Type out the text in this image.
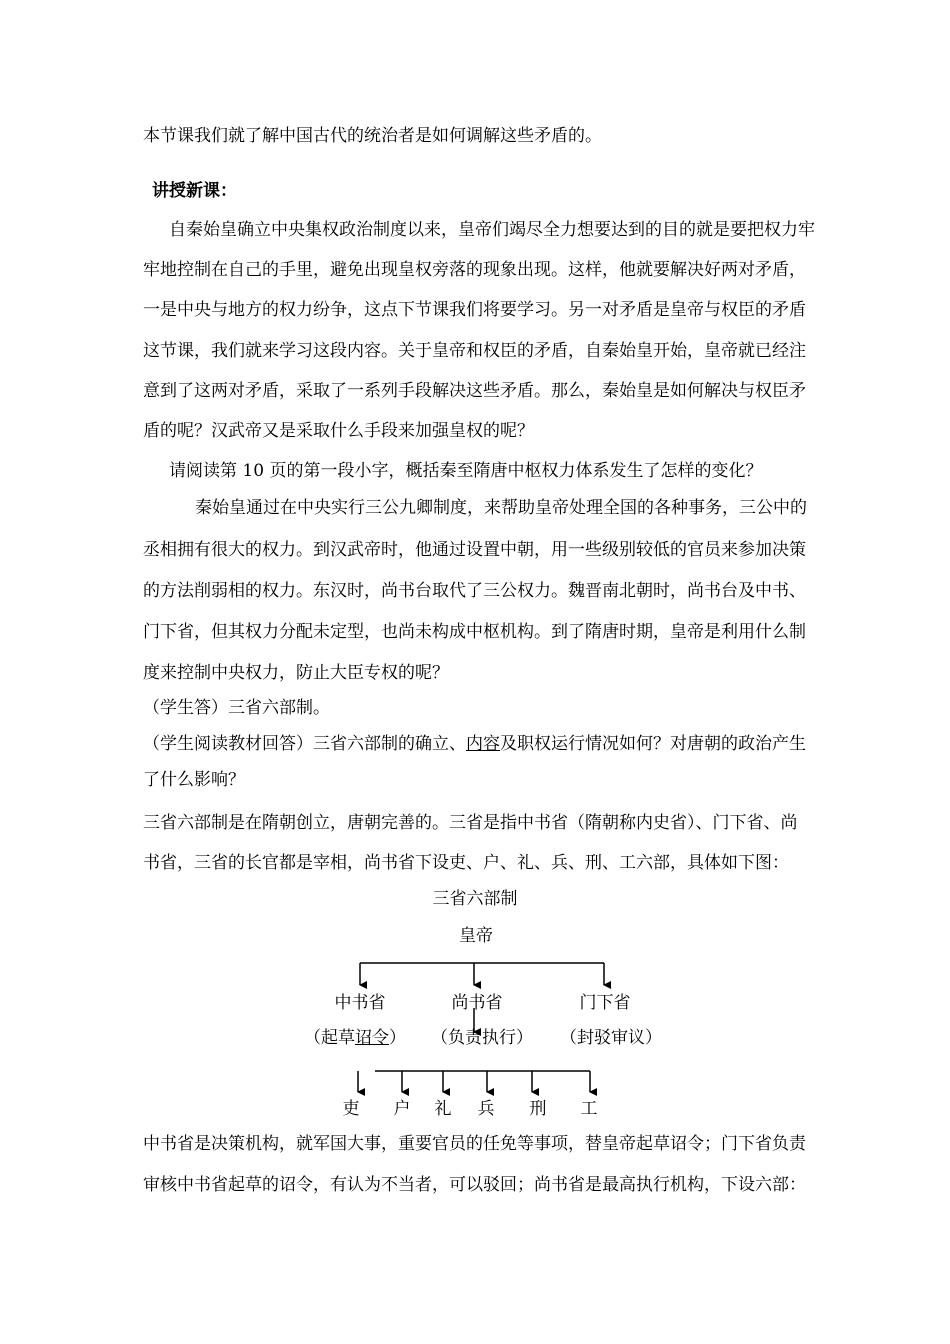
本节课我们就了解中国古代的统治者是如何调解这些矛盾的。
讲授新课：
自秦始皇确立中央集权政治制度以来，皇帝们竭尽全力想要达到的目的就是要把权力牢
牢地控制在自己的手里，避免出现皇权旁落的现象出现。这样，他就要解决好两对矛盾，
一是中央与地方的权力纷争，这点下节课我们将要学习。另一对矛盾是皇帝与权臣的矛盾
这节课，我们就来学习这段内容。关于皇帝和权臣的矛盾，自秦始皇开始，皇帝就已经注
意到了这两对矛盾，采取了一系列手段解决这些矛盾。那么，秦始皇是如何解决与权臣矛
盾的呢？汉武帝又是采取什么手段来加强皇权的呢？
请阅读第 10 页的第一段小字，概括秦至隋唐中枢权力体系发生了怎样的变化？
秦始皇通过在中央实行三公九卿制度，来帮助皇帝处理全国的各种事务，三公中的
丞相拥有很大的权力。到汉武帝时，他通过设置中朝，用一些级别较低的官员来参加决策
的方法削弱相的权力。东汉时，尚书台取代了三公权力。魏晋南北朝时，尚书台及中书、
门下省，但其权力分配未定型，也尚未构成中枢机构。到了隋唐时期，皇帝是利用什么制
度来控制中央权力，防止大臣专权的呢？
（学生答）三省六部制。
（学生阅读教材回答）三省六部制的确立、内容及职权运行情况如何？对唐朝的政治产生
了什么影响？
三省六部制是在隋朝创立，唐朝完善的。三省是指中书省（隋朝称内史省）、门下省、尚
书省，三省的长官都是宰相，尚书省下设吏、户、礼、兵、刑、工六部，具体如下图：
三省六部制
皇帝
中书省	尚书省	门下省
（起草诏令） （负责执行） （封驳审议）
吏 户 礼 兵 刑 工
中书省是决策机构，就军国大事，重要官员的任免等事项，替皇帝起草诏令；门下省负责
审核中书省起草的诏令，有认为不当者，可以驳回；尚书省是最高执行机构，下设六部：
